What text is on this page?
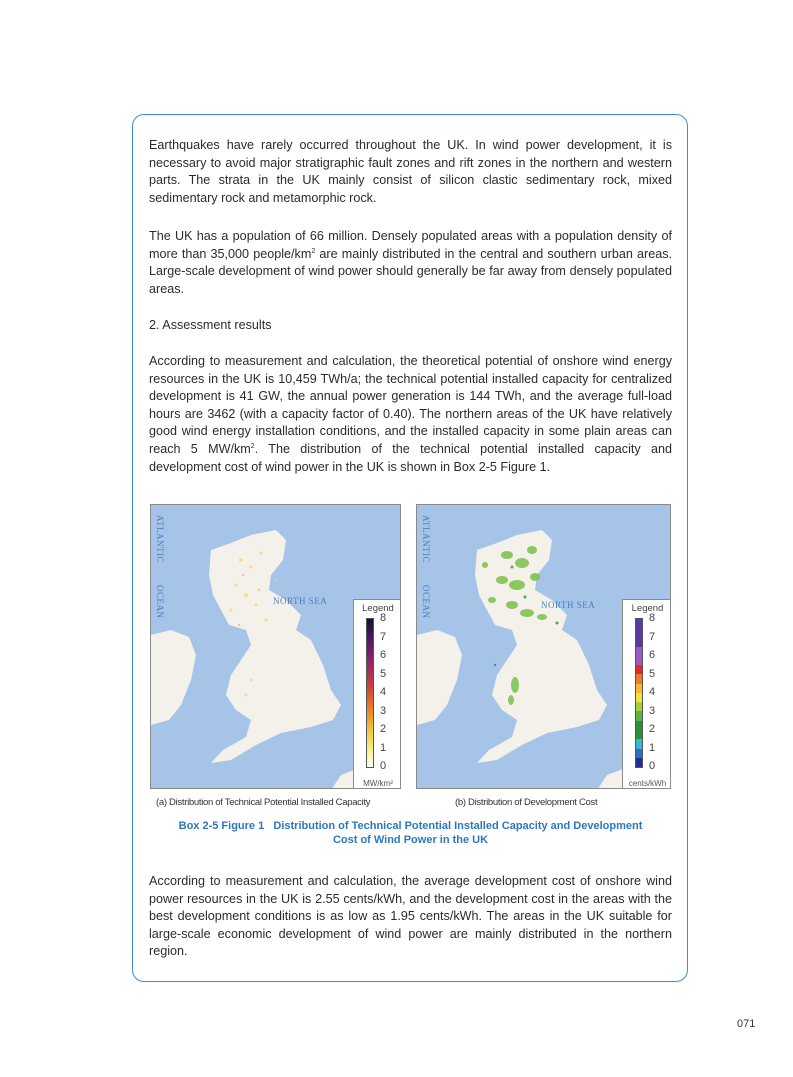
Earthquakes have rarely occurred throughout the UK. In wind power development, it is necessary to avoid major stratigraphic fault zones and rift zones in the northern and western parts. The strata in the UK mainly consist of silicon clastic sedimentary rock, mixed sedimentary rock and metamorphic rock.

The UK has a population of 66 million. Densely populated areas with a population density of more than 35,000 people/$km^2$ are mainly distributed in the central and southern urban areas. Large-scale development of wind power should generally be far away from densely populated areas.

2. Assessment results

According to measurement and calculation, the theoretical potential of onshore wind energy resources in the UK is 10,459 TWh/a; the technical potential installed capacity for centralized development is 41 GW, the annual power generation is 144 TWh, and the average full-load hours are 3462 (with a capacity factor of 0.40). The northern areas of the UK have relatively good wind energy installation conditions, and the installed capacity in some plain areas can reach 5 $MW/km^2$. The distribution of the technical potential installed capacity and development cost of wind power in the UK is shown in Box 2-5 Figure 1.

ATLANTIC
OCEAN	NORTH SEA
Legend
8
7
6
5
4
3
2
1
0
MW/km²
ATLANTIC
OCEAN	NORTH SEA	Legend
8
7
6
5
4
3
2
1
0
cents/kWh
(a) Distribution of Technical Potential Installed Capacity	(b) Distribution of Development Cost
Box 2-5 Figure 1   Distribution of Technical Potential Installed Capacity and Development
Cost of Wind Power in the UK

According to measurement and calculation, the average development cost of onshore wind power resources in the UK is 2.55 cents/kWh, and the development cost in the areas with the best development conditions is as low as 1.95 cents/kWh. The areas in the UK suitable for large-scale economic development of wind power are mainly distributed in the northern region.

071
